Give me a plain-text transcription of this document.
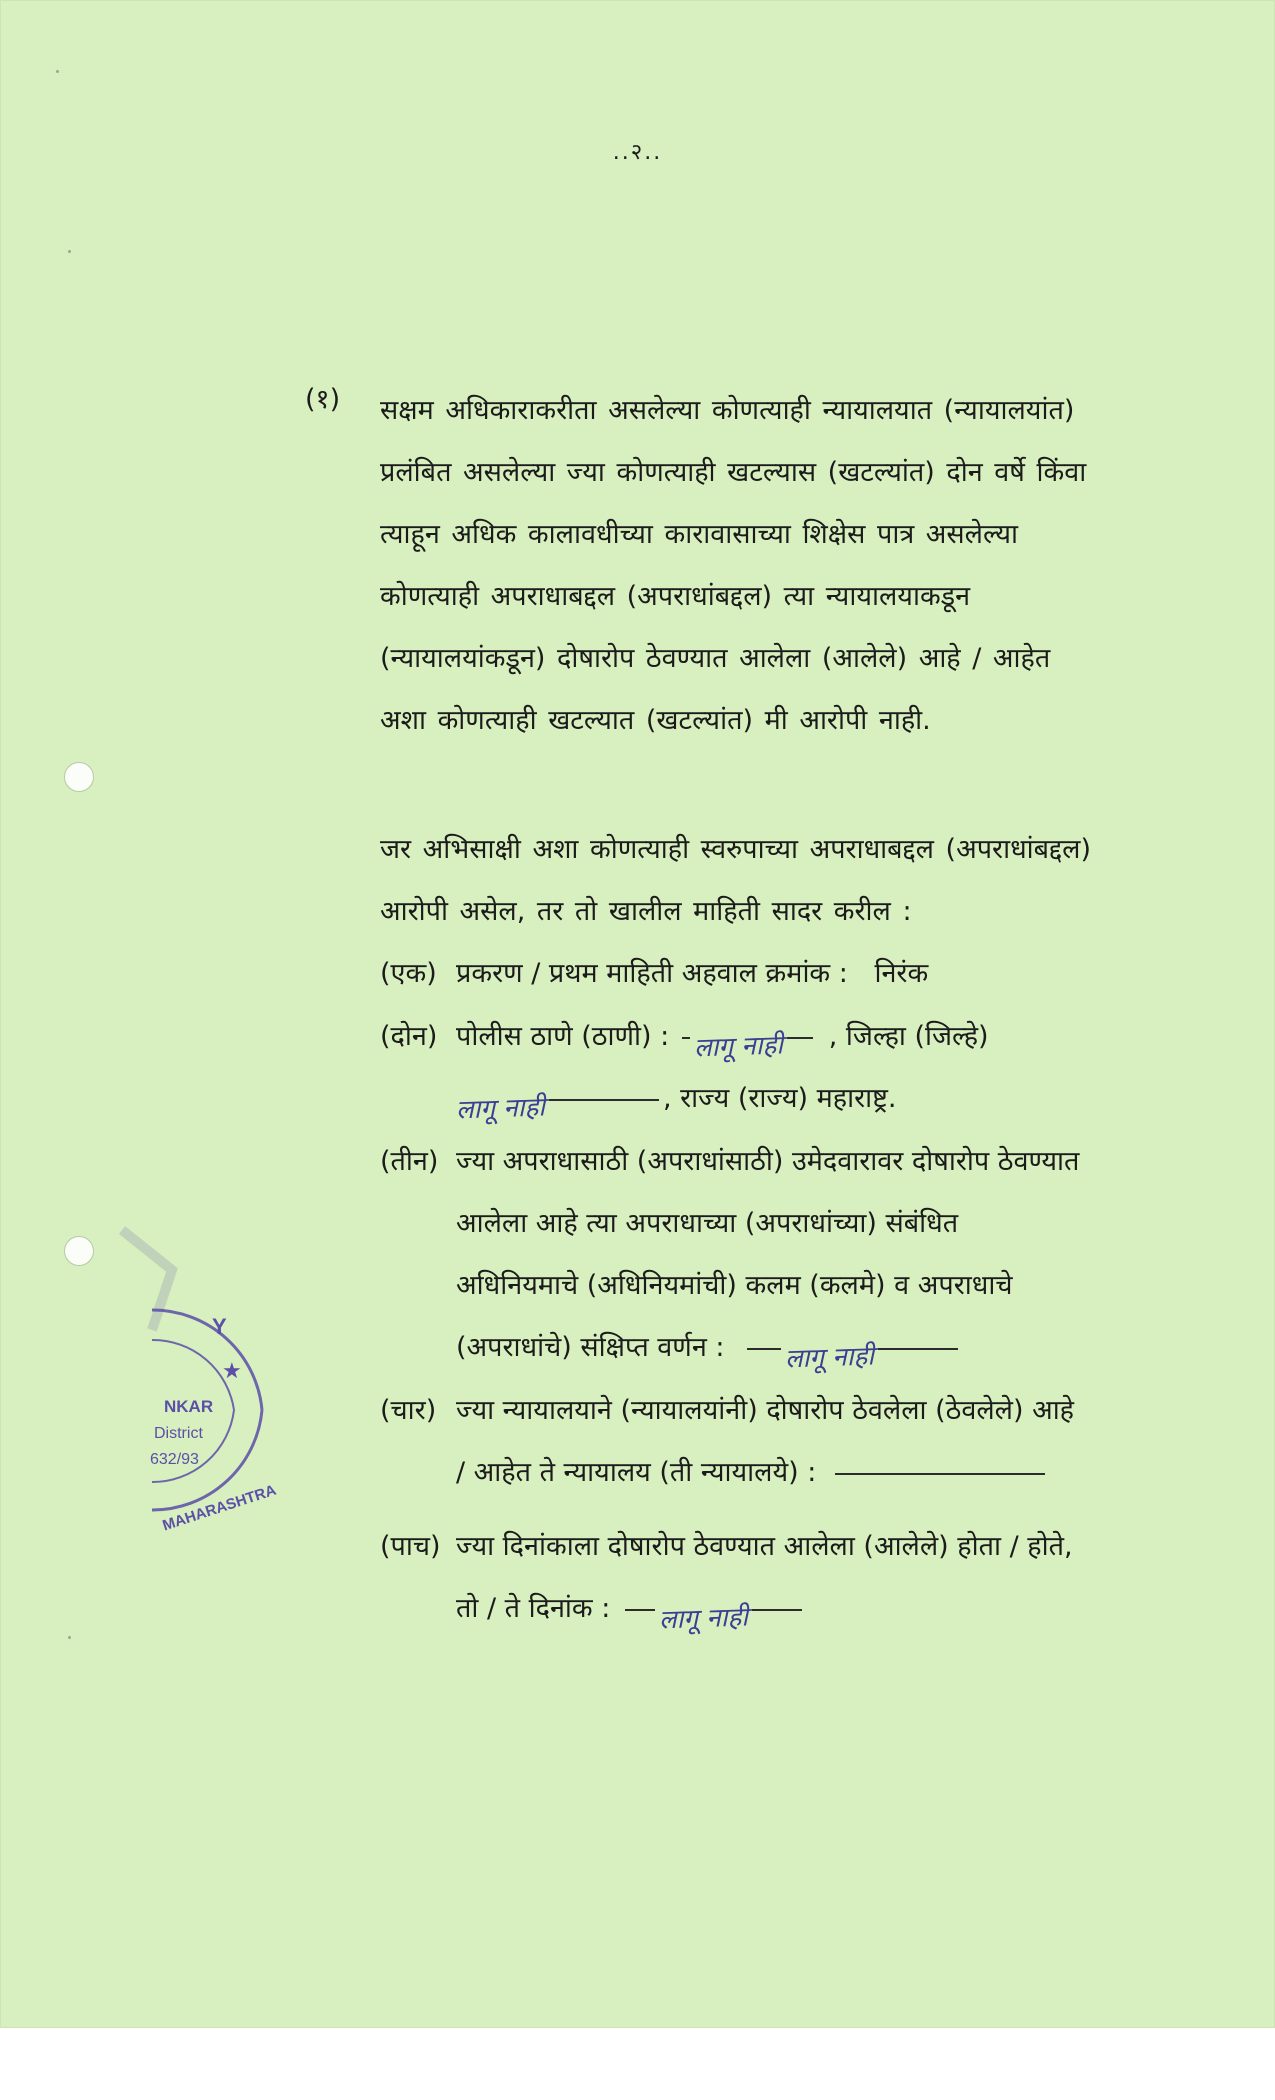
..२..
(१) सक्षम अधिकाराकरीता असलेल्या कोणत्याही न्यायालयात (न्यायालयांत)
प्रलंबित असलेल्या ज्या कोणत्याही खटल्यास (खटल्यांत) दोन वर्षे किंवा
त्याहून अधिक कालावधीच्या कारावासाच्या शिक्षेस पात्र असलेल्या
कोणत्याही अपराधाबद्दल (अपराधांबद्दल) त्या न्यायालयाकडून
(न्यायालयांकडून) दोषारोप ठेवण्यात आलेला (आलेले) आहे / आहेत
अशा कोणत्याही खटल्यात (खटल्यांत) मी आरोपी नाही.
जर अभिसाक्षी अशा कोणत्याही स्वरुपाच्या अपराधाबद्दल (अपराधांबद्दल)
आरोपी असेल, तर तो खालील माहिती सादर करील :
(एक) प्रकरण / प्रथम माहिती अहवाल क्रमांक : निरंक
(दोन) पोलीस ठाणे (ठाणी) : लागू नाही , जिल्हा (जिल्हे)
लागू नाही	, राज्य (राज्य) महाराष्ट्र.
(तीन) ज्या अपराधासाठी (अपराधांसाठी) उमेदवारावर दोषारोप ठेवण्यात
आलेला आहे त्या अपराधाच्या (अपराधांच्या) संबंधित
अधिनियमाचे (अधिनियमांची) कलम (कलमे) व अपराधाचे
(अपराधांचे) संक्षिप्त वर्णन : लागू नाही
(चार) ज्या न्यायालयाने (न्यायालयांनी) दोषारोप ठेवलेला (ठेवलेले) आहे
/ आहेत ते न्यायालय (ती न्यायालये) :
(पाच) ज्या दिनांकाला दोषारोप ठेवण्यात आलेला (आलेले) होता / होते,
तो / ते दिनांक : लागू नाही
Y
★
NKAR
District
632/93
MAHARASHTRA
